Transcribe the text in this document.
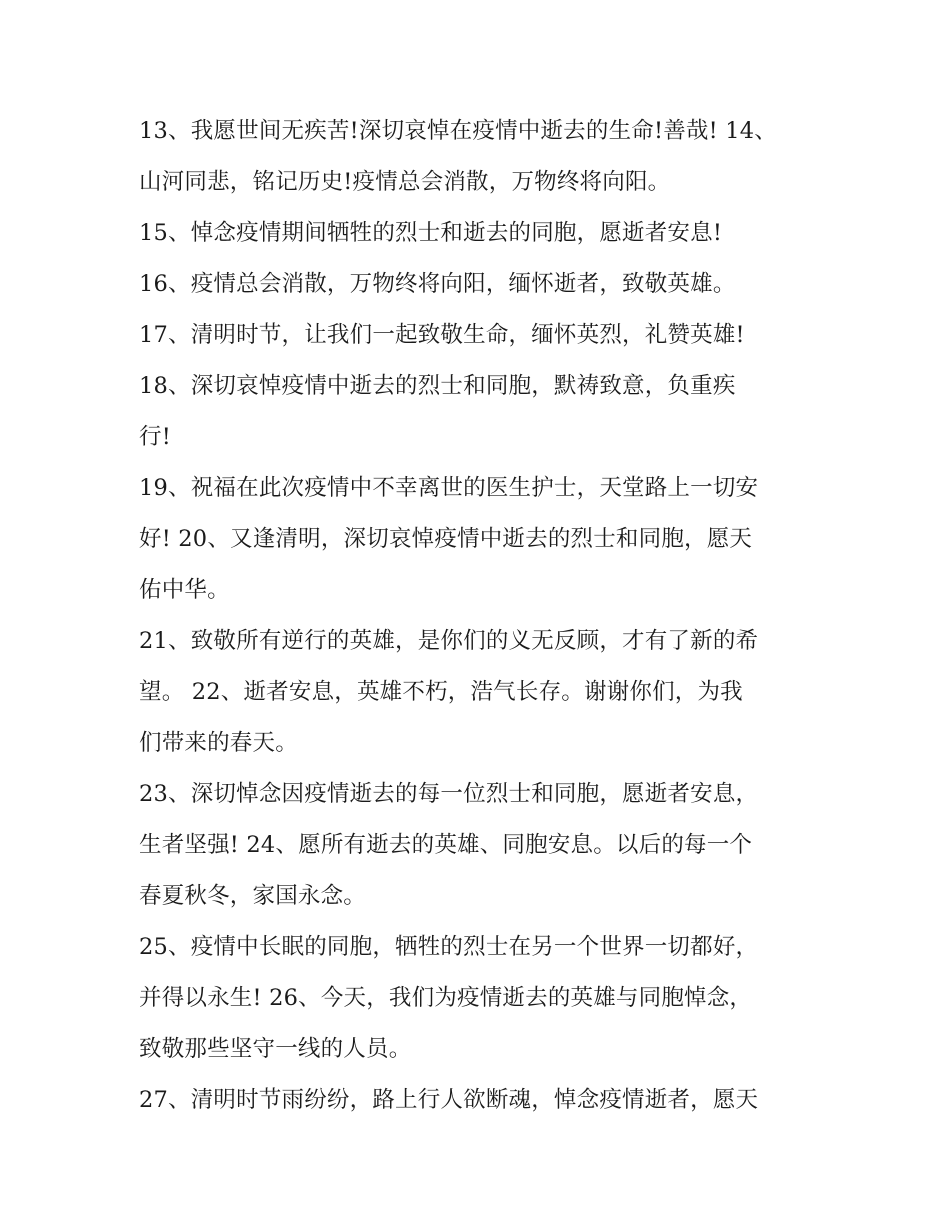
13、我愿世间无疾苦!深切哀悼在疫情中逝去的生命!善哉! 14、
山河同悲，铭记历史!疫情总会消散，万物终将向阳。
15、悼念疫情期间牺牲的烈士和逝去的同胞，愿逝者安息!
16、疫情总会消散，万物终将向阳，缅怀逝者，致敬英雄。
17、清明时节，让我们一起致敬生命，缅怀英烈，礼赞英雄!
18、深切哀悼疫情中逝去的烈士和同胞，默祷致意，负重疾
行!
19、祝福在此次疫情中不幸离世的医生护士，天堂路上一切安
好! 20、又逢清明，深切哀悼疫情中逝去的烈士和同胞，愿天
佑中华。
21、致敬所有逆行的英雄，是你们的义无反顾，才有了新的希
望。 22、逝者安息，英雄不朽，浩气长存。谢谢你们，为我
们带来的春天。
23、深切悼念因疫情逝去的每一位烈士和同胞，愿逝者安息，
生者坚强! 24、愿所有逝去的英雄、同胞安息。以后的每一个
春夏秋冬，家国永念。
25、疫情中长眠的同胞，牺牲的烈士在另一个世界一切都好，
并得以永生! 26、今天，我们为疫情逝去的英雄与同胞悼念，
致敬那些坚守一线的人员。
27、清明时节雨纷纷，路上行人欲断魂，悼念疫情逝者，愿天
